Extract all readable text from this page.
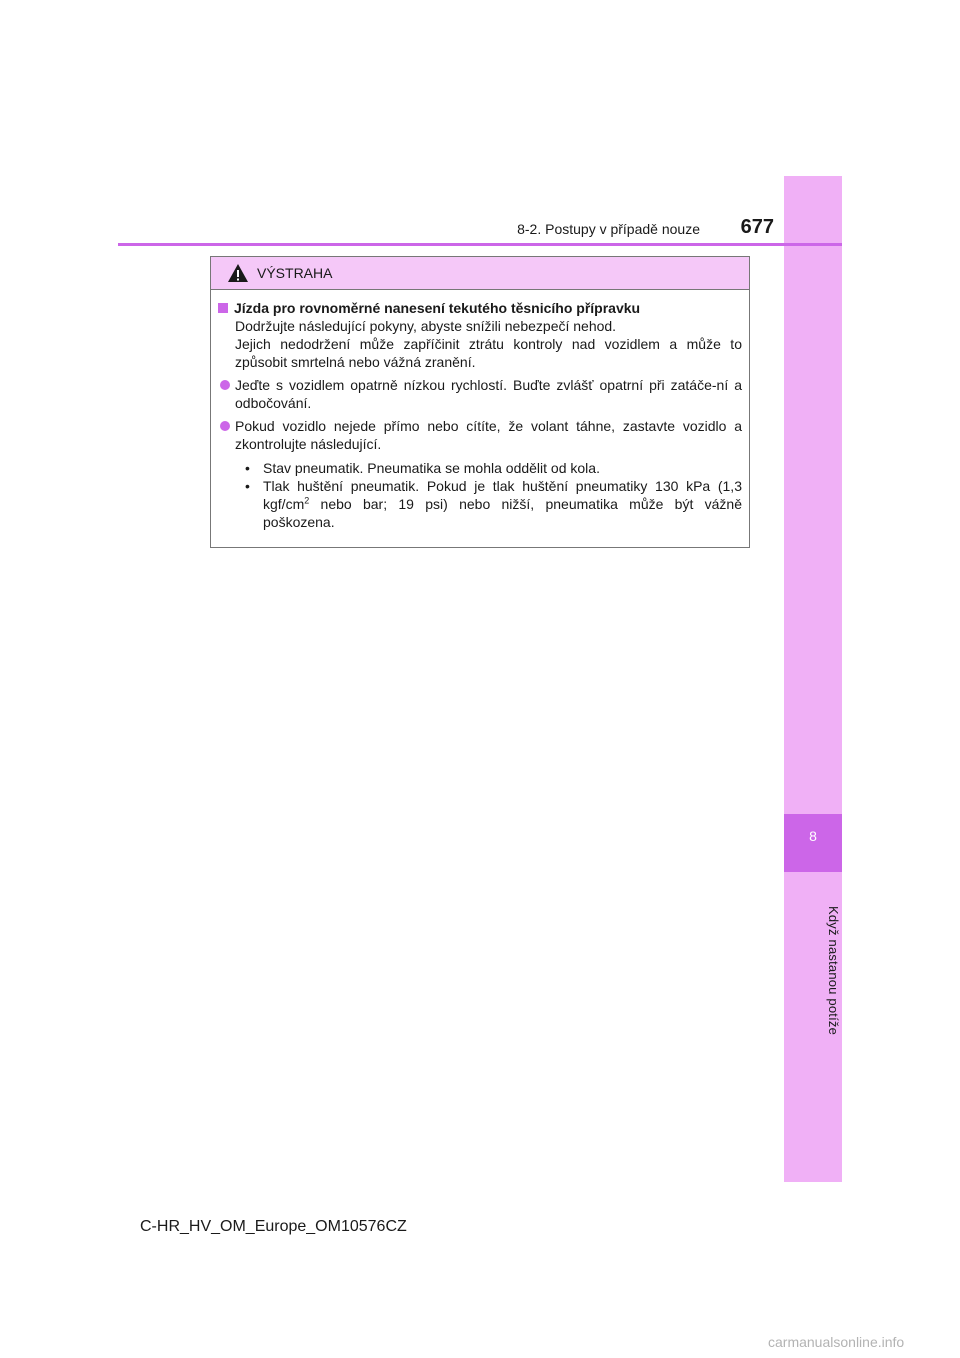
8
Když nastanou potíže
8-2. Postupy v případě nouze	677
VÝSTRAHA
Jízda pro rovnoměrné nanesení tekutého těsnicího přípravku
Dodržujte následující pokyny, abyste snížili nebezpečí nehod.
Jejich nedodržení může zapříčinit ztrátu kontroly nad vozidlem a může to způsobit smrtelná nebo vážná zranění.
Jeďte s vozidlem opatrně nízkou rychlostí. Buďte zvlášť opatrní při zatáče-ní a odbočování.
Pokud vozidlo nejede přímo nebo cítíte, že volant táhne, zastavte vozidlo a zkontrolujte následující.
• Stav pneumatik. Pneumatika se mohla oddělit od kola.
• Tlak huštění pneumatik. Pokud je tlak huštění pneumatiky 130 kPa (1,3 kgf/$cm^2$ nebo bar; 19 psi) nebo nižší, pneumatika může být vážně poškozena.
C-HR_HV_OM_Europe_OM10576CZ
carmanualsonline.info
